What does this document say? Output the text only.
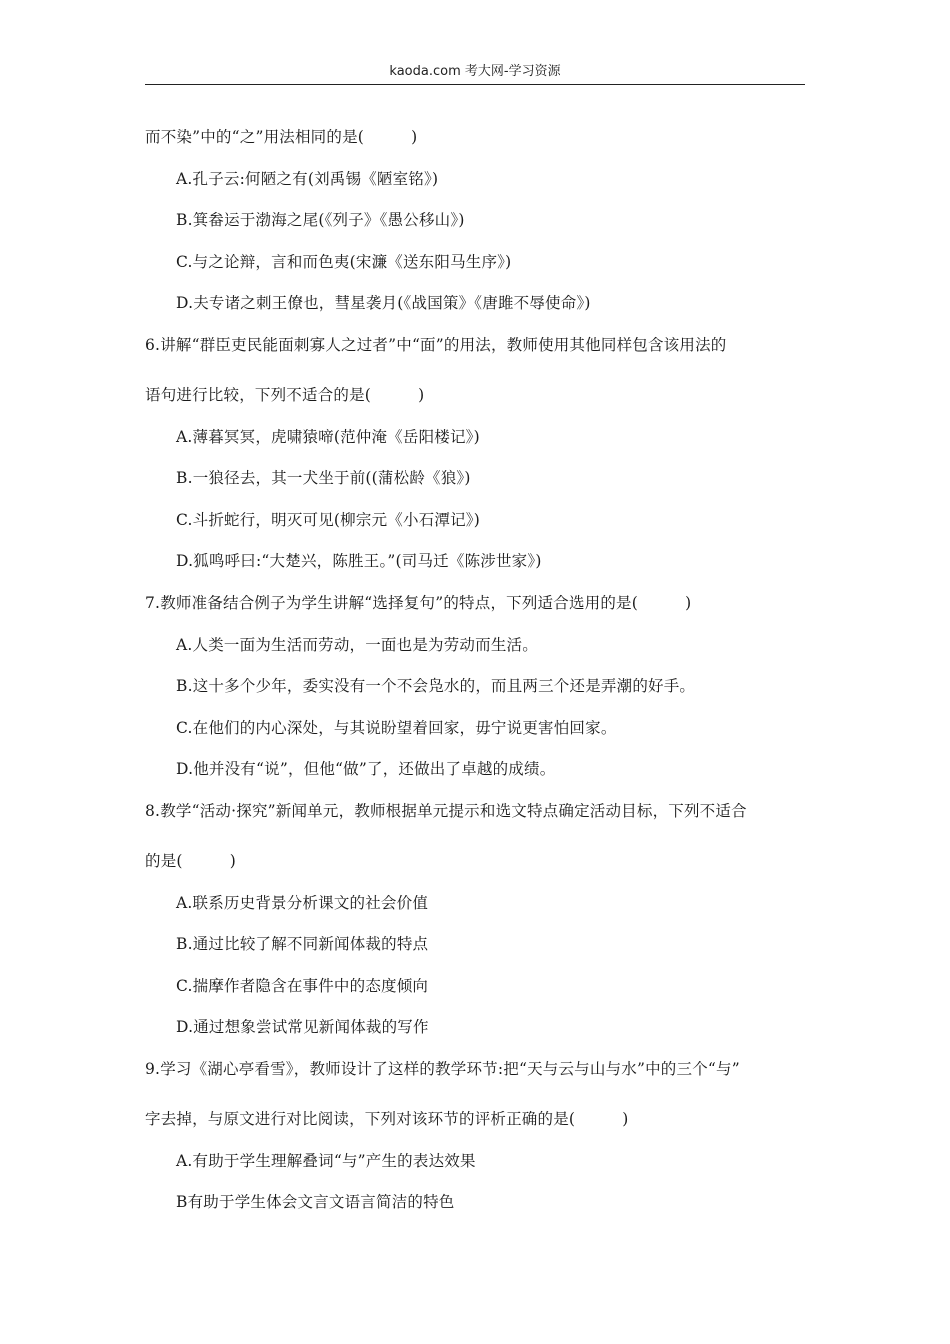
kaoda.com 考大网-学习资源
而不染”中的“之”用法相同的是(　　　)
A.孔子云:何陋之有(刘禹锡《陋室铭》)
B.箕畚运于渤海之尾(《列子》《愚公移山》)
C.与之论辩，言和而色夷(宋濂《送东阳马生序》)
D.夫专诸之刺王僚也，彗星袭月(《战国策》《唐雎不辱使命》)
6.讲解“群臣吏民能面刺寡人之过者”中“面”的用法，教师使用其他同样包含该用法的
语句进行比较，下列不适合的是(　　　)
A.薄暮冥冥，虎啸猿啼(范仲淹《岳阳楼记》)
B.一狼径去，其一犬坐于前((蒲松龄《狼》)
C.斗折蛇行，明灭可见(柳宗元《小石潭记》)
D.狐鸣呼曰:“大楚兴，陈胜王。”(司马迁《陈涉世家》)
7.教师准备结合例子为学生讲解“选择复句”的特点，下列适合选用的是(　　　)
A.人类一面为生活而劳动，一面也是为劳动而生活。
B.这十多个少年，委实没有一个不会凫水的，而且两三个还是弄潮的好手。
C.在他们的内心深处，与其说盼望着回家，毋宁说更害怕回家。
D.他并没有“说”，但他“做”了，还做出了卓越的成绩。
8.教学“活动·探究”新闻单元，教师根据单元提示和选文特点确定活动目标，下列不适合
的是(　　　)
A.联系历史背景分析课文的社会价值
B.通过比较了解不同新闻体裁的特点
C.揣摩作者隐含在事件中的态度倾向
D.通过想象尝试常见新闻体裁的写作
9.学习《湖心亭看雪》，教师设计了这样的教学环节:把“天与云与山与水”中的三个“与”
字去掉，与原文进行对比阅读，下列对该环节的评析正确的是(　　　)
A.有助于学生理解叠词“与”产生的表达效果
B有助于学生体会文言文语言简洁的特色
